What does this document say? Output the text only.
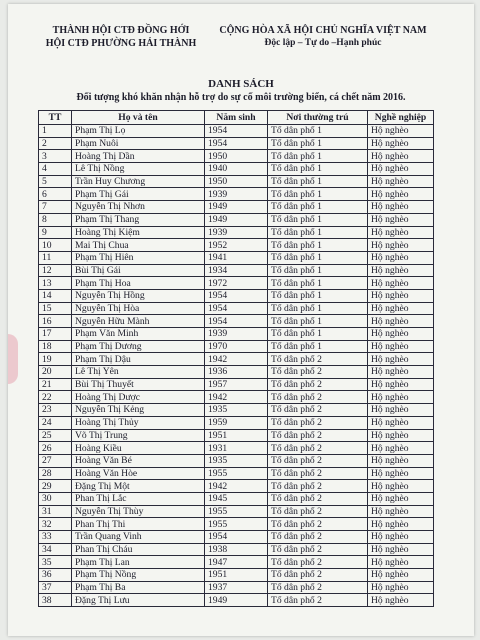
THÀNH HỘI CTĐ ĐỒNG HỚI
HỘI CTĐ PHƯỜNG HẢI THÀNH
CỘNG HÒA XÃ HỘI CHỦ NGHĨA VIỆT NAM
Độc lập – Tự do –Hạnh phúc
DANH SÁCH
Đối tượng khó khăn nhận hỗ trợ do sự cố môi trường biển, cá chết năm 2016.
TT	Họ và tên	Năm sinh	Nơi thường trú	Nghề nghiệp
1	Phạm Thị Lọ	1954	Tổ dân phố 1	Hộ nghèo
2	Phạm Nuôi	1954	Tổ dân phố 1	Hộ nghèo
3	Hoàng Thị Dần	1950	Tổ dân phố 1	Hộ nghèo
4	Lê Thị Nồng	1940	Tổ dân phố 1	Hộ nghèo
5	Trần Huy Chương	1950	Tổ dân phố 1	Hộ nghèo
6	Phạm Thị Gái	1939	Tổ dân phố 1	Hộ nghèo
7	Nguyễn Thị Nhơn	1949	Tổ dân phố 1	Hộ nghèo
8	Phạm Thị Thang	1949	Tổ dân phố 1	Hộ nghèo
9	Hoàng Thị Kiệm	1939	Tổ dân phố 1	Hộ nghèo
10	Mai Thị Chua	1952	Tổ dân phố 1	Hộ nghèo
11	Phạm Thị Hiên	1941	Tổ dân phố 1	Hộ nghèo
12	Bùi Thị Gái	1934	Tổ dân phố 1	Hộ nghèo
13	Phạm Thị Hoa	1972	Tổ dân phố 1	Hộ nghèo
14	Nguyễn Thị Hồng	1954	Tổ dân phố 1	Hộ nghèo
15	Nguyễn Thị Hòa	1954	Tổ dân phố 1	Hộ nghèo
16	Nguyễn Hữu Mành	1954	Tổ dân phố 1	Hộ nghèo
17	Phạm Văn Minh	1939	Tổ dân phố 1	Hộ nghèo
18	Phạm Thị Dương	1970	Tổ dân phố 1	Hộ nghèo
19	Phạm Thị Dậu	1942	Tổ dân phố 2	Hộ nghèo
20	Lê Thị Yên	1936	Tổ dân phố 2	Hộ nghèo
21	Bùi Thị Thuyết	1957	Tổ dân phố 2	Hộ nghèo
22	Hoàng Thị Dược	1942	Tổ dân phố 2	Hộ nghèo
23	Nguyễn Thị Kẻng	1935	Tổ dân phố 2	Hộ nghèo
24	Hoàng Thị Thủy	1959	Tổ dân phố 2	Hộ nghèo
25	Võ Thị Trung	1951	Tổ dân phố 2	Hộ nghèo
26	Hoàng Kiều	1931	Tổ dân phố 2	Hộ nghèo
27	Hoàng Văn Bé	1935	Tổ dân phố 2	Hộ nghèo
28	Hoàng Văn Hòe	1955	Tổ dân phố 2	Hộ nghèo
29	Đặng Thị Một	1942	Tổ dân phố 2	Hộ nghèo
30	Phan Thị Lắc	1945	Tổ dân phố 2	Hộ nghèo
31	Nguyễn Thị Thùy	1955	Tổ dân phố 2	Hộ nghèo
32	Phan Thị Thi	1955	Tổ dân phố 2	Hộ nghèo
33	Trần Quang Vinh	1954	Tổ dân phố 2	Hộ nghèo
34	Phan Thị Cháu	1938	Tổ dân phố 2	Hộ nghèo
35	Phạm Thị Lan	1947	Tổ dân phố 2	Hộ nghèo
36	Phạm Thị Nồng	1951	Tổ dân phố 2	Hộ nghèo
37	Phạm Thị Ba	1937	Tổ dân phố 2	Hộ nghèo
38	Đặng Thị Lưu	1949	Tổ dân phố 2	Hộ nghèo
